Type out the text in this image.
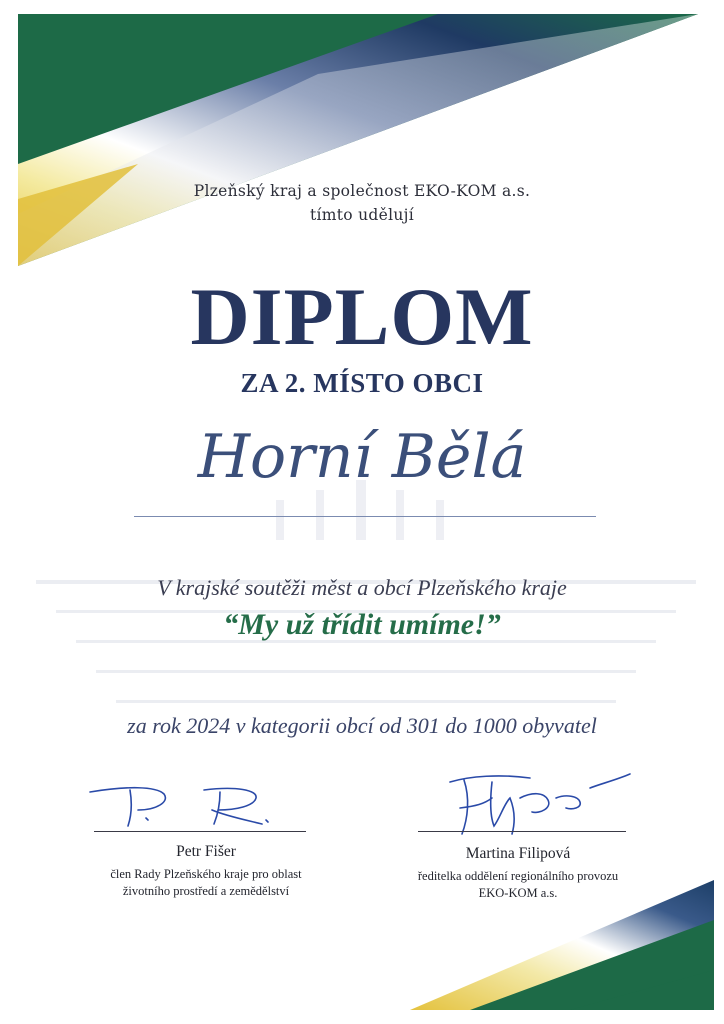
Plzeňský kraj a společnost EKO-KOM a.s.
tímto udělují
DIPLOM
ZA 2. MÍSTO OBCI
Horní Bělá
V krajské soutěži měst a obcí Plzeňského kraje
“My už třídit umíme!”
za rok 2024 v kategorii obcí od 301 do 1000 obyvatel
Petr Fišer
člen Rady Plzeňského kraje pro oblast
životního prostředí a zemědělství
Martina Filipová
ředitelka oddělení regionálního provozu
EKO-KOM a.s.
